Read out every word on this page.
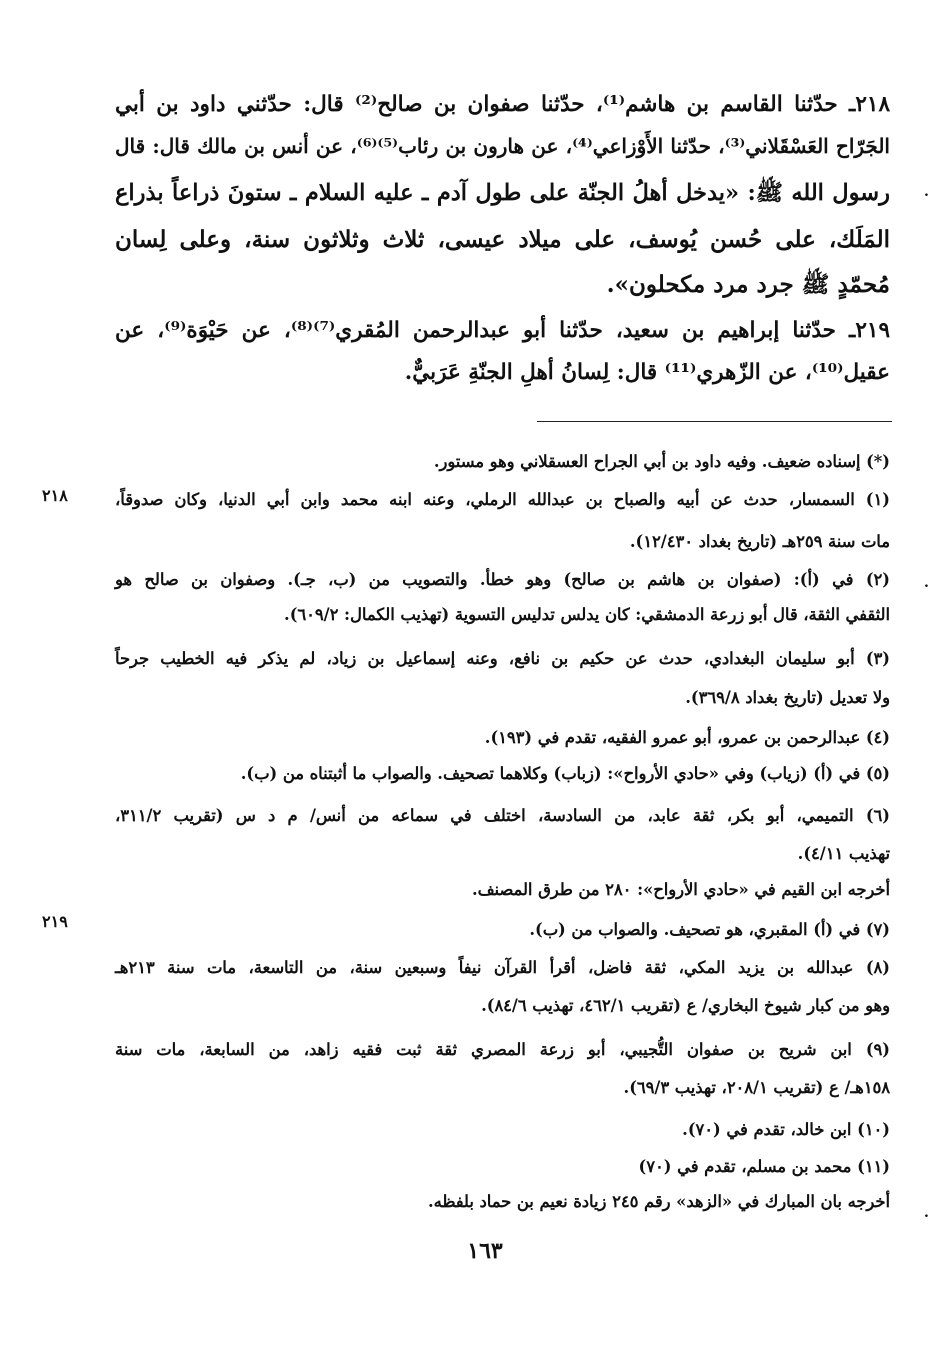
٢١٨ـ حدّثنا القاسم بن هاشم⁽¹⁾، حدّثنا صفوان بن صالح⁽²⁾ قال: حدّثني داود بن أبي
الجَرّاح العَسْقَلاني⁽³⁾، حدّثنا الأَوْزاعي⁽⁴⁾، عن هارون بن رئاب⁽⁵⁾⁽⁶⁾، عن أنس بن مالك قال: قال
رسول الله ﷺ: «يدخل أهلُ الجنّة على طول آدم ـ عليه السلام ـ ستونَ ذراعاً بذراع
المَلَك، على حُسن يُوسف، على ميلاد عيسى، ثلاث وثلاثون سنة، وعلى لِسان
مُحمّدٍ ﷺ جرد مرد مكحلون».
٢١٩ـ حدّثنا إبراهيم بن سعيد، حدّثنا أبو عبدالرحمن المُقري⁽⁷⁾⁽⁸⁾، عن حَيْوَة⁽⁹⁾، عن
عقيل⁽¹⁰⁾، عن الزّهري⁽¹¹⁾ قال: لِسانُ أهلِ الجنّةِ عَرَبيٌّ.
(*) إسناده ضعيف. وفيه داود بن أبي الجراح العسقلاني وهو مستور.
(١) السمسار، حدث عن أبيه والصباح بن عبدالله الرملي، وعنه ابنه محمد وابن أبي الدنيا، وكان صدوقاً،
مات سنة ٢٥٩هـ (تاريخ بغداد ١٢/٤٣٠).
(٢) في (أ): (صفوان بن هاشم بن صالح) وهو خطأ. والتصويب من (ب، جـ). وصفوان بن صالح هو
الثقفي الثقة، قال أبو زرعة الدمشقي: كان يدلس تدليس التسوية (تهذيب الكمال: ٦٠٩/٢).
(٣) أبو سليمان البغدادي، حدث عن حكيم بن نافع، وعنه إسماعيل بن زياد، لم يذكر فيه الخطيب جرحاً
ولا تعديل (تاريخ بغداد ٣٦٩/٨).
(٤) عبدالرحمن بن عمرو، أبو عمرو الفقيه، تقدم في (١٩٣).
(٥) في (أ) (زياب) وفي «حادي الأرواح»: (زباب) وكلاهما تصحيف. والصواب ما أثبتناه من (ب).
(٦) التميمي، أبو بكر، ثقة عابد، من السادسة، اختلف في سماعه من أنس/ م د س (تقريب ٣١١/٢،
تهذيب ٤/١١).
أخرجه ابن القيم في «حادي الأرواح»: ٢٨٠ من طرق المصنف.
(٧) في (أ) المقبري، هو تصحيف. والصواب من (ب).
(٨) عبدالله بن يزيد المكي، ثقة فاضل، أقرأ القرآن نيفاً وسبعين سنة، من التاسعة، مات سنة ٢١٣هـ
وهو من كبار شيوخ البخاري/ ع (تقريب ٤٦٢/١، تهذيب ٨٤/٦).
(٩) ابن شريح بن صفوان التُّجيبي، أبو زرعة المصري ثقة ثبت فقيه زاهد، من السابعة، مات سنة
١٥٨هـ/ ع (تقريب ٢٠٨/١، تهذيب ٦٩/٣).
(١٠) ابن خالد، تقدم في (٧٠).
(١١) محمد بن مسلم، تقدم في (٧٠)
أخرجه بان المبارك في «الزهد» رقم ٢٤٥ زيادة نعيم بن حماد بلفظه.
٢١٨
٢١٩
١٦٣
.
.
.
